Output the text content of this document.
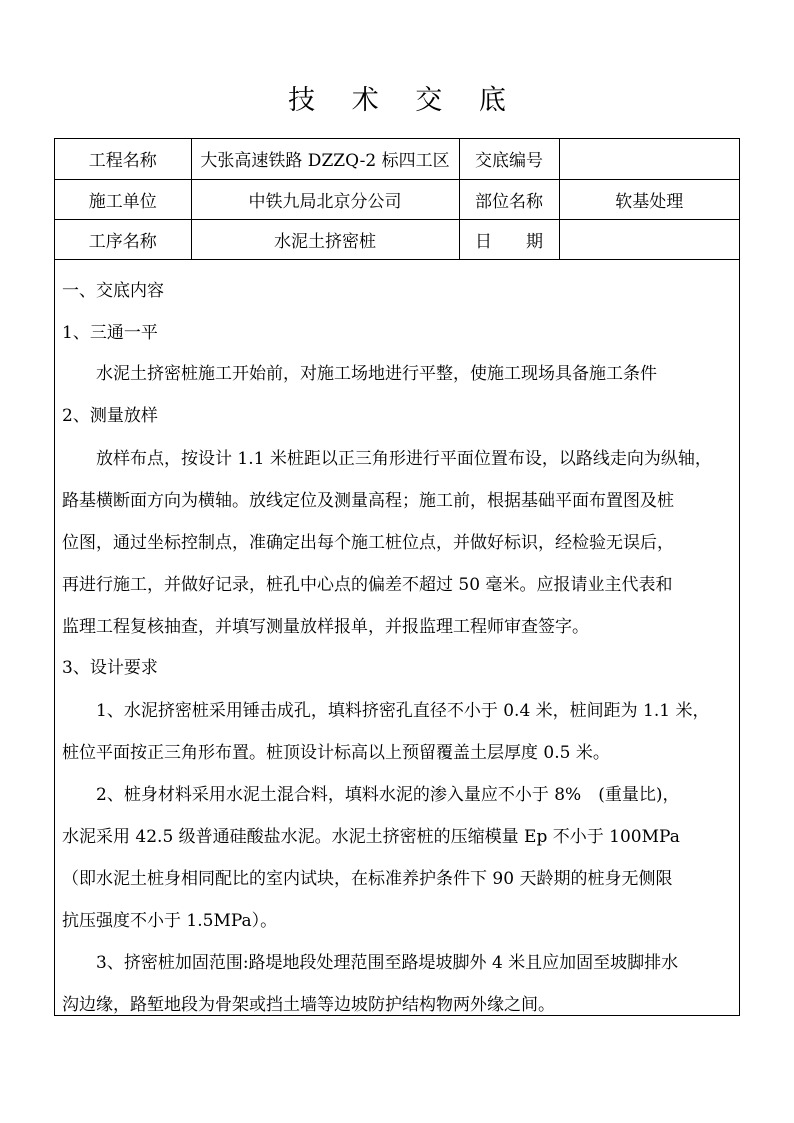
技 术 交 底
工程名称	大张高速铁路 DZZQ-2 标四工区	交底编号	
施工单位	中铁九局北京分公司	部位名称	软基处理
工序名称	水泥土挤密桩	日　　期	
一、交底内容
1、三通一平
　　水泥土挤密桩施工开始前，对施工场地进行平整，使施工现场具备施工条件
2、测量放样
　　放样布点，按设计 1.1 米桩距以正三角形进行平面位置布设，以路线走向为纵轴，
路基横断面方向为横轴。放线定位及测量高程；施工前，根据基础平面布置图及桩
位图，通过坐标控制点，准确定出每个施工桩位点，并做好标识，经检验无误后，
再进行施工，并做好记录，桩孔中心点的偏差不超过 50 毫米。应报请业主代表和
监理工程复核抽查，并填写测量放样报单，并报监理工程师审查签字。
3、设计要求
　　1、水泥挤密桩采用锤击成孔，填料挤密孔直径不小于 0.4 米，桩间距为 1.1 米，
桩位平面按正三角形布置。桩顶设计标高以上预留覆盖土层厚度 0.5 米。
　　2、桩身材料采用水泥土混合料，填料水泥的渗入量应不小于 8%　(重量比)，
水泥采用 42.5 级普通硅酸盐水泥。水泥土挤密桩的压缩模量 Ep 不小于 100MPa
（即水泥土桩身相同配比的室内试块，在标准养护条件下 90 天龄期的桩身无侧限
抗压强度不小于 1.5MPa）。
　　3、挤密桩加固范围:路堤地段处理范围至路堤坡脚外 4 米且应加固至坡脚排水
沟边缘，路堑地段为骨架或挡土墙等边坡防护结构物两外缘之间。
